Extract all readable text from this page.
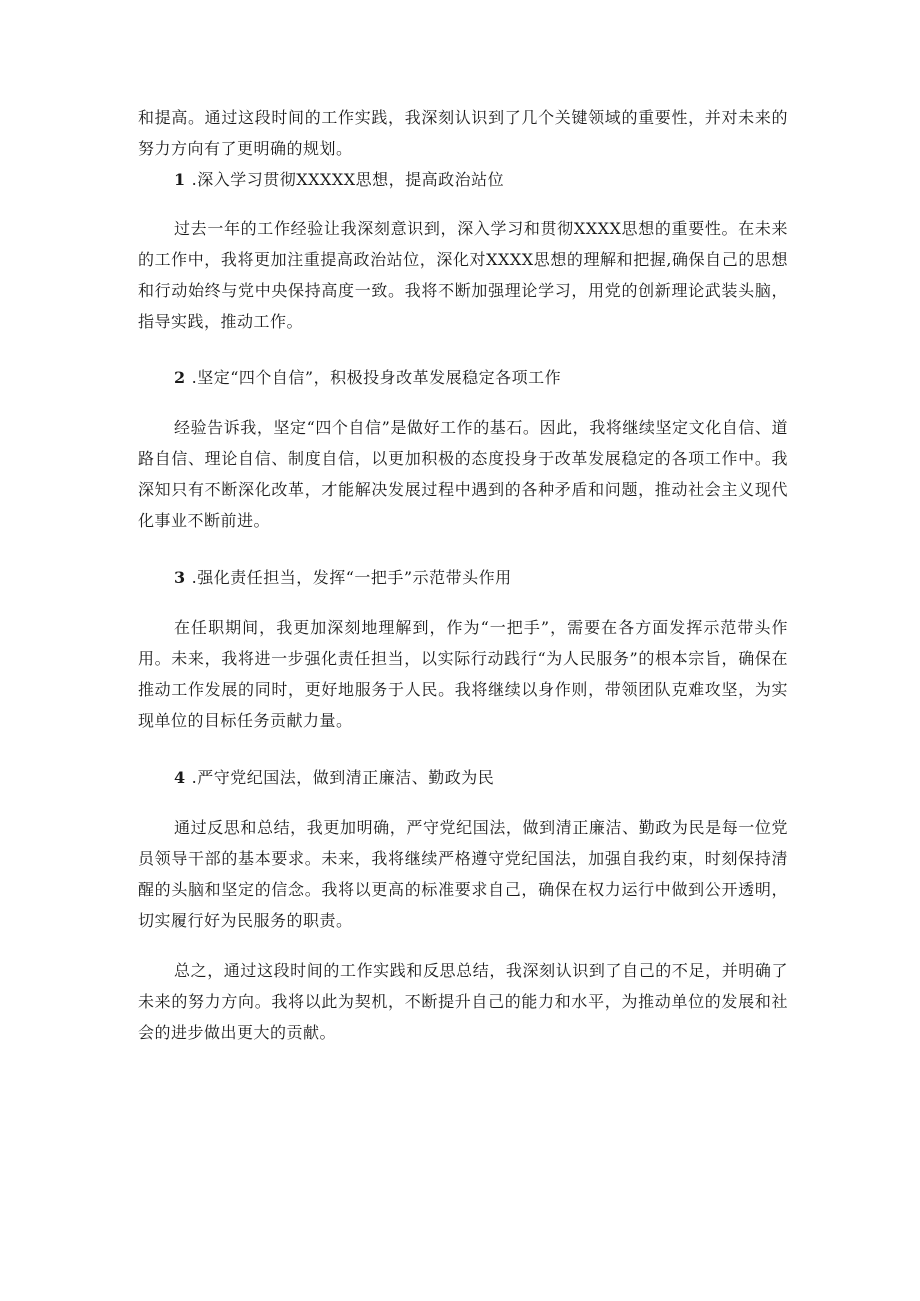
和提高。通过这段时间的工作实践，我深刻认识到了几个关键领域的重要性，并对未来的努力方向有了更明确的规划。

1 .深入学习贯彻XXXXX思想，提高政治站位

过去一年的工作经验让我深刻意识到，深入学习和贯彻XXXX思想的重要性。在未来的工作中，我将更加注重提高政治站位，深化对XXXX思想的理解和把握,确保自己的思想和行动始终与党中央保持高度一致。我将不断加强理论学习，用党的创新理论武装头脑，指导实践，推动工作。

2 .坚定“四个自信”，积极投身改革发展稳定各项工作

经验告诉我，坚定“四个自信”是做好工作的基石。因此，我将继续坚定文化自信、道路自信、理论自信、制度自信，以更加积极的态度投身于改革发展稳定的各项工作中。我深知只有不断深化改革，才能解决发展过程中遇到的各种矛盾和问题，推动社会主义现代化事业不断前进。

3 .强化责任担当，发挥“一把手”示范带头作用

在任职期间，我更加深刻地理解到，作为“一把手”，需要在各方面发挥示范带头作用。未来，我将进一步强化责任担当，以实际行动践行“为人民服务”的根本宗旨，确保在推动工作发展的同时，更好地服务于人民。我将继续以身作则，带领团队克难攻坚，为实现单位的目标任务贡献力量。

4 .严守党纪国法，做到清正廉洁、勤政为民

通过反思和总结，我更加明确，严守党纪国法，做到清正廉洁、勤政为民是每一位党员领导干部的基本要求。未来，我将继续严格遵守党纪国法，加强自我约束，时刻保持清醒的头脑和坚定的信念。我将以更高的标准要求自己，确保在权力运行中做到公开透明，切实履行好为民服务的职责。

总之，通过这段时间的工作实践和反思总结，我深刻认识到了自己的不足，并明确了未来的努力方向。我将以此为契机，不断提升自己的能力和水平，为推动单位的发展和社会的进步做出更大的贡献。
